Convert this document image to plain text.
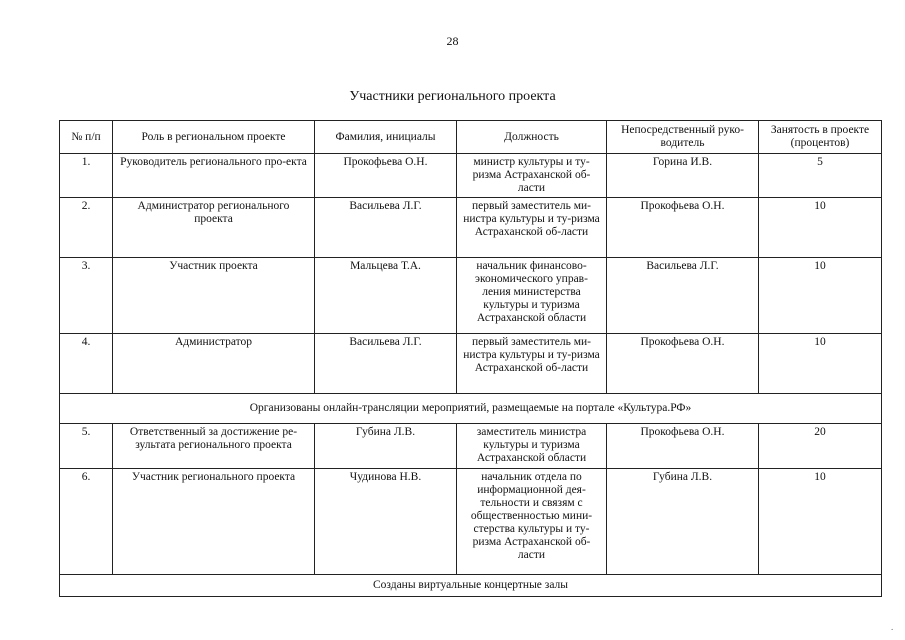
28
Участники регионального проекта
№ п/п	Роль в региональном проекте	Фамилия, инициалы	Должность	Непосредственный руко-водитель	Занятость в проекте (процентов)
1.	Руководитель регионального про-екта	Прокофьева О.Н.	министр культуры и ту-ризма Астраханской об-ласти	Горина И.В.	5
2.	Администратор регионального проекта	Васильева Л.Г.	первый заместитель ми-нистра культуры и ту-ризма Астраханской об-ласти	Прокофьева О.Н.	10
3.	Участник проекта	Мальцева Т.А.	начальник финансово-экономического управ-ления министерства культуры и туризма Астраханской области	Васильева Л.Г.	10
4.	Администратор	Васильева Л.Г.	первый заместитель ми-нистра культуры и ту-ризма Астраханской об-ласти	Прокофьева О.Н.	10
Организованы онлайн-трансляции мероприятий, размещаемые на портале «Культура.РФ»					
5.	Ответственный за достижение ре-зультата регионального проекта	Губина Л.В.	заместитель министра культуры и туризма Астраханской области	Прокофьева О.Н.	20
6.	Участник регионального проекта	Чудинова Н.В.	начальник отдела по информационной дея-тельности и связям с общественностью мини-стерства культуры и ту-ризма Астраханской об-ласти	Губина Л.В.	10
Созданы виртуальные концертные залы					
.
